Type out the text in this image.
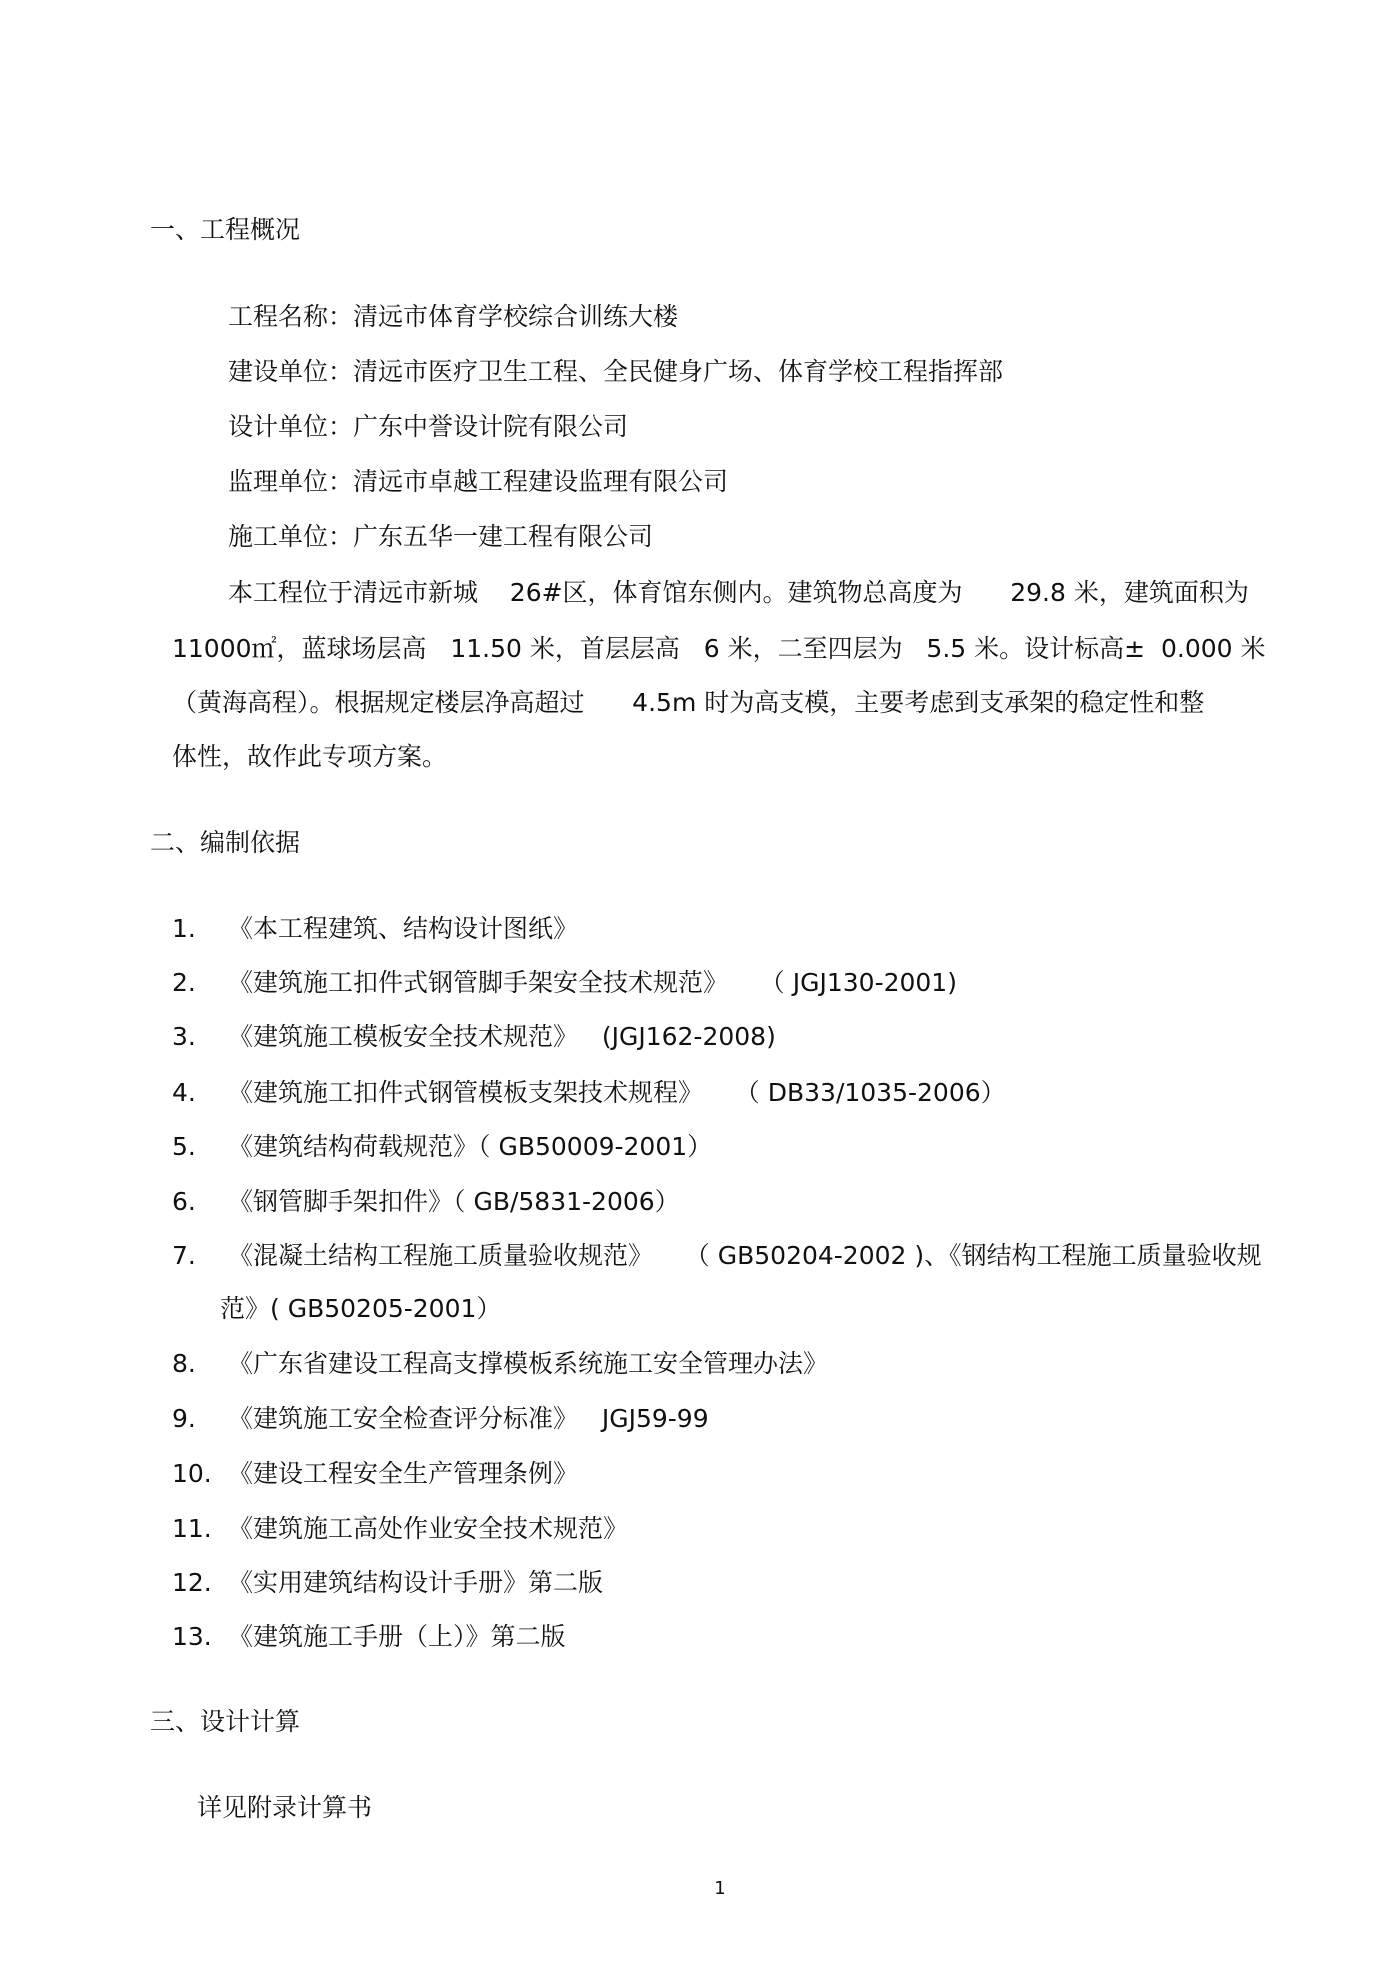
一、工程概况
工程名称：清远市体育学校综合训练大楼
建设单位：清远市医疗卫生工程、全民健身广场、体育学校工程指挥部
设计单位：广东中誉设计院有限公司
监理单位：清远市卓越工程建设监理有限公司
施工单位：广东五华一建工程有限公司
本工程位于清远市新城    26#区，体育馆东侧内。建筑物总高度为      29.8 米，建筑面积为
11000㎡，蓝球场层高   11.50 米，首层层高   6 米，二至四层为   5.5 米。设计标高±  0.000 米
（黄海高程）。根据规定楼层净高超过      4.5m 时为高支模，主要考虑到支承架的稳定性和整
体性，故作此专项方案。
二、编制依据
1. 《本工程建筑、结构设计图纸》
2. 《建筑施工扣件式钢管脚手架安全技术规范》    （ JGJ130-2001)
3. 《建筑施工模板安全技术规范》   (JGJ162-2008)
4. 《建筑施工扣件式钢管模板支架技术规程》    （ DB33/1035-2006）
5. 《建筑结构荷载规范》（ GB50009-2001）
6. 《钢管脚手架扣件》（ GB/5831-2006）
7. 《混凝土结构工程施工质量验收规范》    （ GB50204-2002 )、《钢结构工程施工质量验收规
范》( GB50205-2001）
8. 《广东省建设工程高支撑模板系统施工安全管理办法》
9. 《建筑施工安全检查评分标准》   JGJ59-99
10. 《建设工程安全生产管理条例》
11. 《建筑施工高处作业安全技术规范》
12. 《实用建筑结构设计手册》第二版
13. 《建筑施工手册（上）》第二版
三、设计计算
详见附录计算书
1
